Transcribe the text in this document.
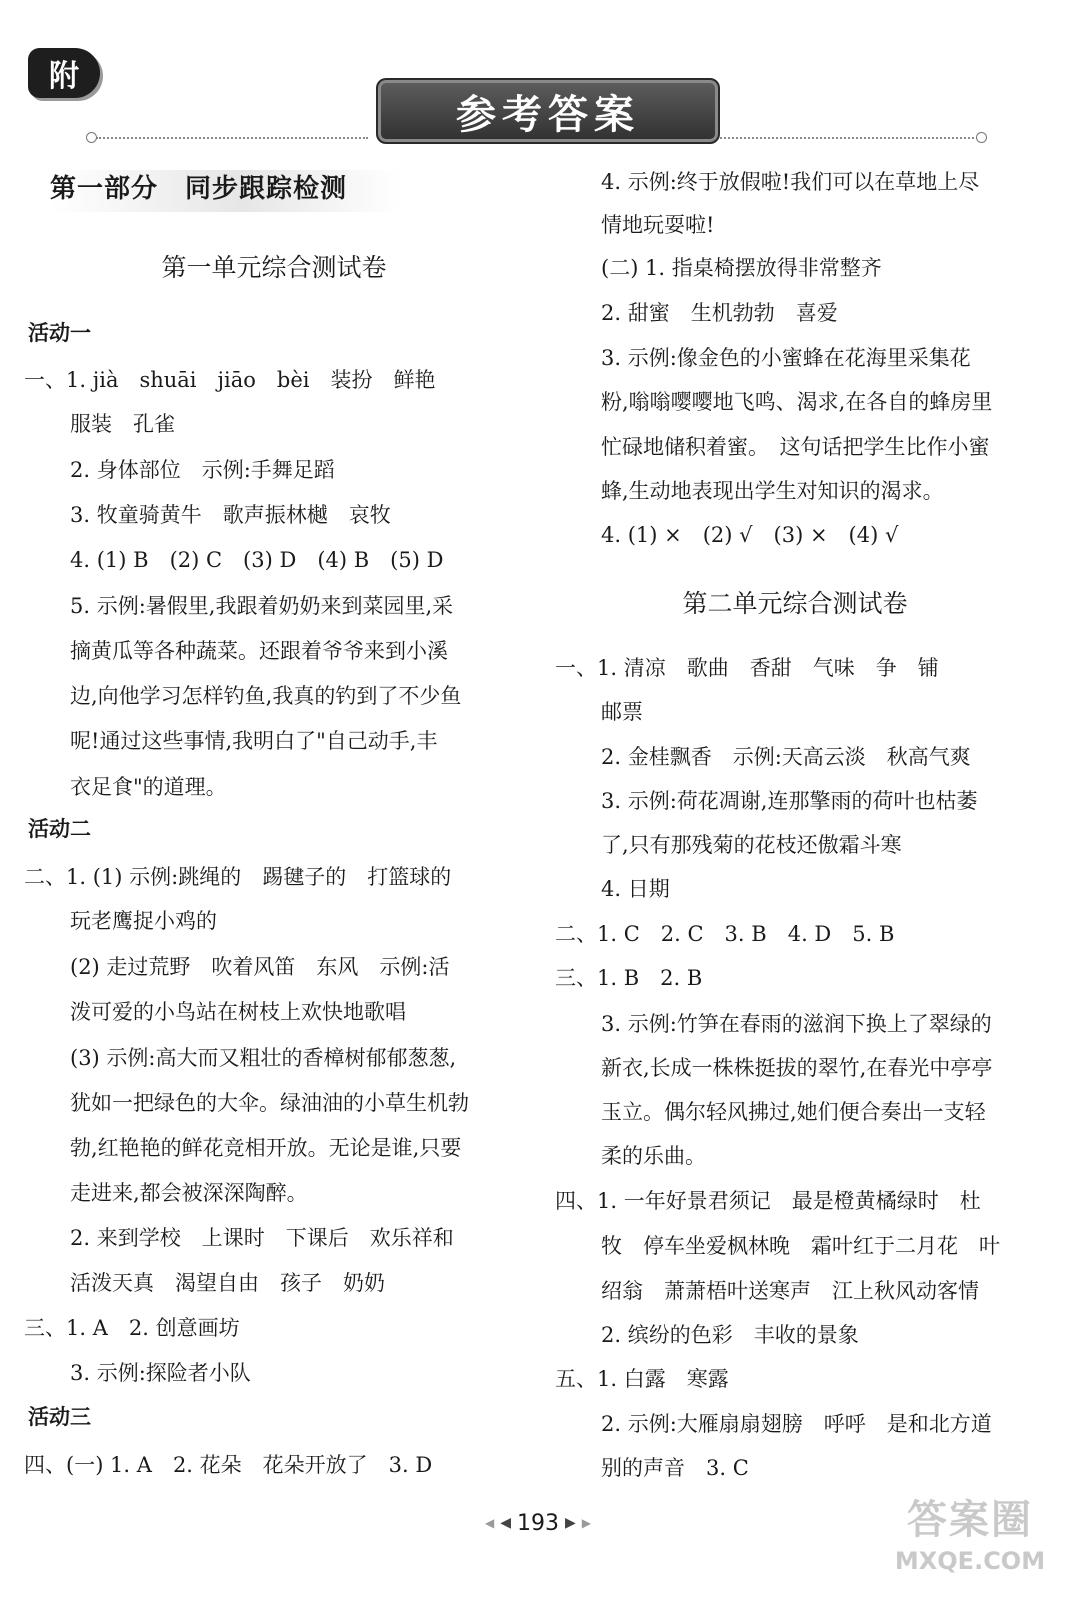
附
参考答案
第一部分　同步跟踪检测
第一单元综合测试卷
活动一
一、1. jià　shuāi　jiāo　bèi　装扮　鲜艳
服装　孔雀
2. 身体部位　示例:手舞足蹈
3. 牧童骑黄牛　歌声振林樾　哀牧
4. (1) B　(2) C　(3) D　(4) B　(5) D
5. 示例:暑假里,我跟着奶奶来到菜园里,采
摘黄瓜等各种蔬菜。还跟着爷爷来到小溪
边,向他学习怎样钓鱼,我真的钓到了不少鱼
呢!通过这些事情,我明白了"自己动手,丰
衣足食"的道理。
活动二
二、1. (1) 示例:跳绳的　踢毽子的　打篮球的
玩老鹰捉小鸡的
(2) 走过荒野　吹着风笛　东风　示例:活
泼可爱的小鸟站在树枝上欢快地歌唱
(3) 示例:高大而又粗壮的香樟树郁郁葱葱,
犹如一把绿色的大伞。绿油油的小草生机勃
勃,红艳艳的鲜花竞相开放。无论是谁,只要
走进来,都会被深深陶醉。
2. 来到学校　上课时　下课后　欢乐祥和
活泼天真　渴望自由　孩子　奶奶
三、1. A　2. 创意画坊
3. 示例:探险者小队
活动三
四、(一) 1. A　2. 花朵　花朵开放了　3. D
4. 示例:终于放假啦!我们可以在草地上尽
情地玩耍啦!
(二) 1. 指桌椅摆放得非常整齐
2. 甜蜜　生机勃勃　喜爱
3. 示例:像金色的小蜜蜂在花海里采集花
粉,嗡嗡嘤嘤地飞鸣、渴求,在各自的蜂房里
忙碌地储积着蜜。　这句话把学生比作小蜜
蜂,生动地表现出学生对知识的渴求。
4. (1) ×　(2) √　(3) ×　(4) √
第二单元综合测试卷
一、1. 清凉　歌曲　香甜　气味　争　铺
邮票
2. 金桂飘香　示例:天高云淡　秋高气爽
3. 示例:荷花凋谢,连那擎雨的荷叶也枯萎
了,只有那残菊的花枝还傲霜斗寒
4. 日期
二、1. C　2. C　3. B　4. D　5. B
三、1. B　2. B
3. 示例:竹笋在春雨的滋润下换上了翠绿的
新衣,长成一株株挺拔的翠竹,在春光中亭亭
玉立。偶尔轻风拂过,她们便合奏出一支轻
柔的乐曲。
四、1. 一年好景君须记　最是橙黄橘绿时　杜
牧　停车坐爱枫林晚　霜叶红于二月花　叶
绍翁　萧萧梧叶送寒声　江上秋风动客情
2. 缤纷的色彩　丰收的景象
五、1. 白露　寒露
2. 示例:大雁扇扇翅膀　呼呼　是和北方道
别的声音　3. C
◀ ◀ 193 ▶ ▶	答案圈
MXQE.COM
